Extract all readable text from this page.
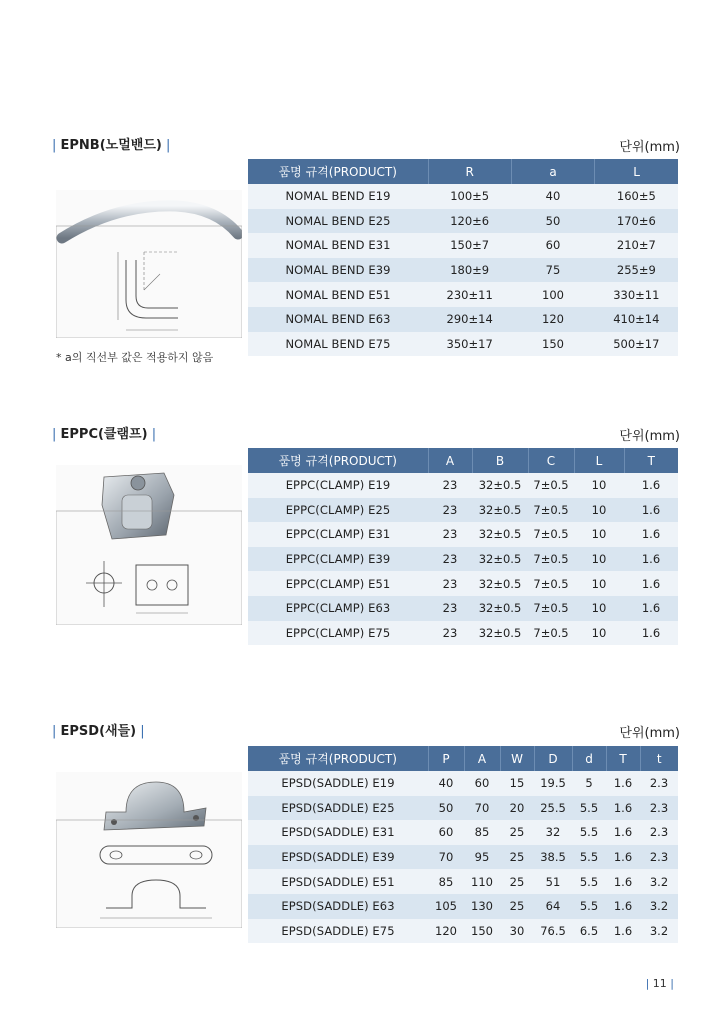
| EPNB(노멀밴드) |	단위(mm)
* a의 직선부 값은 적용하지 않음
품명 규격(PRODUCT)	R	a	L
NOMAL BEND E19	100±5	40	160±5
NOMAL BEND E25	120±6	50	170±6
NOMAL BEND E31	150±7	60	210±7
NOMAL BEND E39	180±9	75	255±9
NOMAL BEND E51	230±11	100	330±11
NOMAL BEND E63	290±14	120	410±14
NOMAL BEND E75	350±17	150	500±17
| EPPC(클램프) |	단위(mm)
품명 규격(PRODUCT)	A	B	C	L	T
EPPC(CLAMP) E19	23	32±0.5	7±0.5	10	1.6
EPPC(CLAMP) E25	23	32±0.5	7±0.5	10	1.6
EPPC(CLAMP) E31	23	32±0.5	7±0.5	10	1.6
EPPC(CLAMP) E39	23	32±0.5	7±0.5	10	1.6
EPPC(CLAMP) E51	23	32±0.5	7±0.5	10	1.6
EPPC(CLAMP) E63	23	32±0.5	7±0.5	10	1.6
EPPC(CLAMP) E75	23	32±0.5	7±0.5	10	1.6
| EPSD(새들) |	단위(mm)
품명 규격(PRODUCT)	P	A	W	D	d	T	t
EPSD(SADDLE) E19	40	60	15	19.5	5	1.6	2.3
EPSD(SADDLE) E25	50	70	20	25.5	5.5	1.6	2.3
EPSD(SADDLE) E31	60	85	25	32	5.5	1.6	2.3
EPSD(SADDLE) E39	70	95	25	38.5	5.5	1.6	2.3
EPSD(SADDLE) E51	85	110	25	51	5.5	1.6	3.2
EPSD(SADDLE) E63	105	130	25	64	5.5	1.6	3.2
EPSD(SADDLE) E75	120	150	30	76.5	6.5	1.6	3.2
| 11 |
